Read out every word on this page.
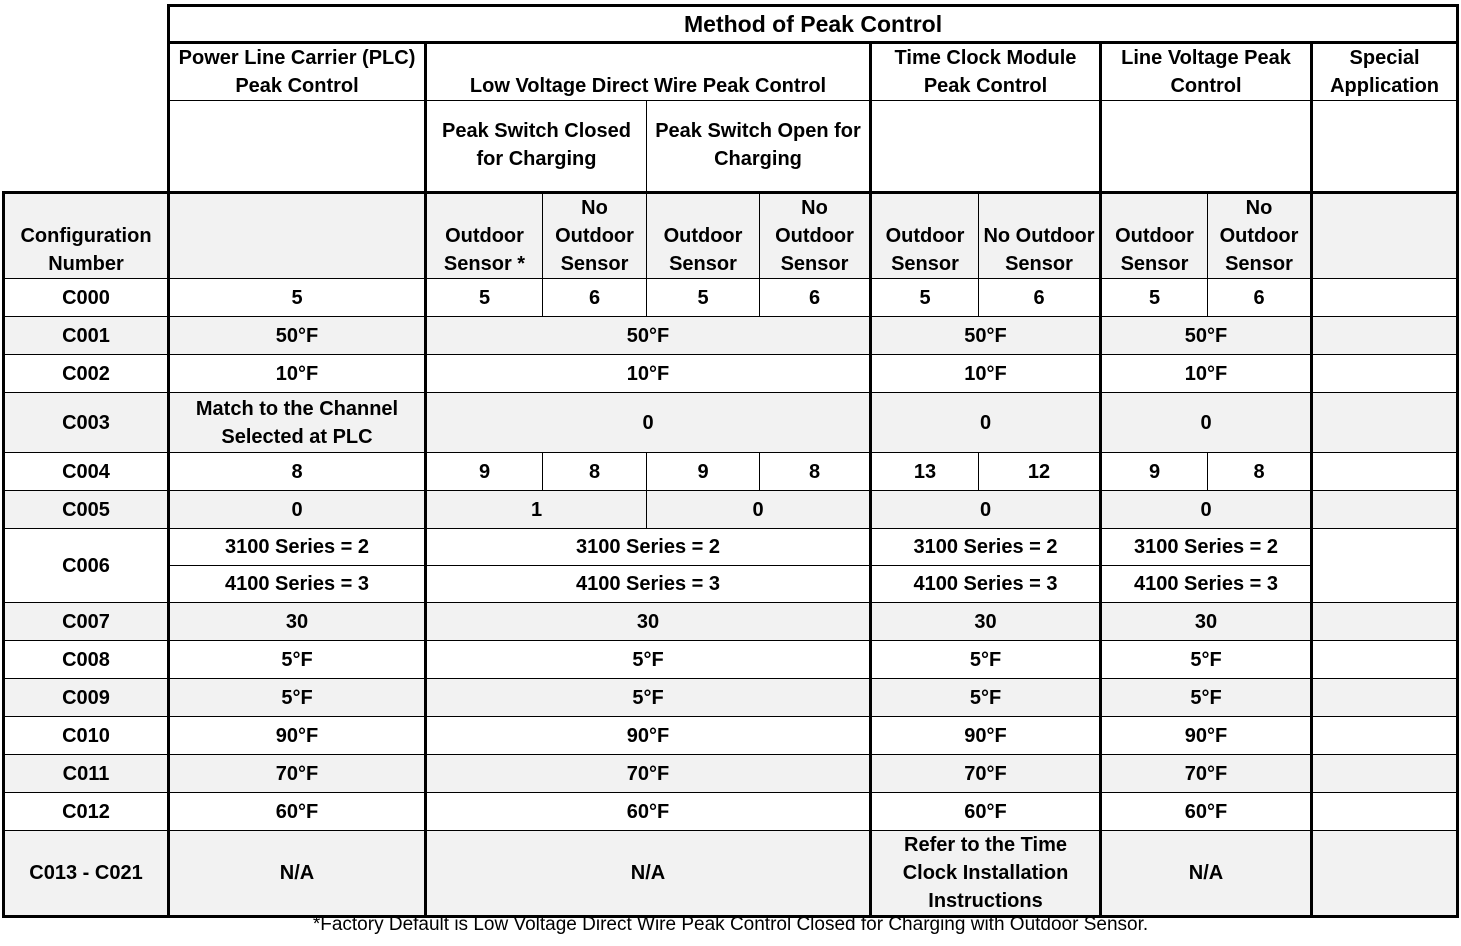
	Method of Peak Control									
	Power Line Carrier (PLC) Peak Control	Low Voltage Direct Wire Peak Control				Time Clock Module Peak Control		Line Voltage Peak Control		Special Application
		Peak Switch Closed for Charging		Peak Switch Open for Charging						
Configuration Number		Outdoor Sensor *	No Outdoor Sensor	Outdoor Sensor	No Outdoor Sensor	Outdoor Sensor	No Outdoor Sensor	Outdoor Sensor	No Outdoor Sensor	
C000	5	5	6	5	6	5	6	5	6	
C001	50°F	50°F				50°F		50°F		
C002	10°F	10°F				10°F		10°F		
C003	Match to the Channel Selected at PLC	0				0		0		
C004	8	9	8	9	8	13	12	9	8	
C005	0	1		0		0		0		
C006	3100 Series = 2	3100 Series = 2				3100 Series = 2		3100 Series = 2		
	4100 Series = 3	4100 Series = 3				4100 Series = 3		4100 Series = 3		
C007	30	30				30		30		
C008	5°F	5°F				5°F		5°F		
C009	5°F	5°F				5°F		5°F		
C010	90°F	90°F				90°F		90°F		
C011	70°F	70°F				70°F		70°F		
C012	60°F	60°F				60°F		60°F		
C013 - C021	N/A	N/A				Refer to the Time Clock Installation Instructions		N/A		
*Factory Default is Low Voltage Direct Wire Peak Control Closed for Charging with Outdoor Sensor.
